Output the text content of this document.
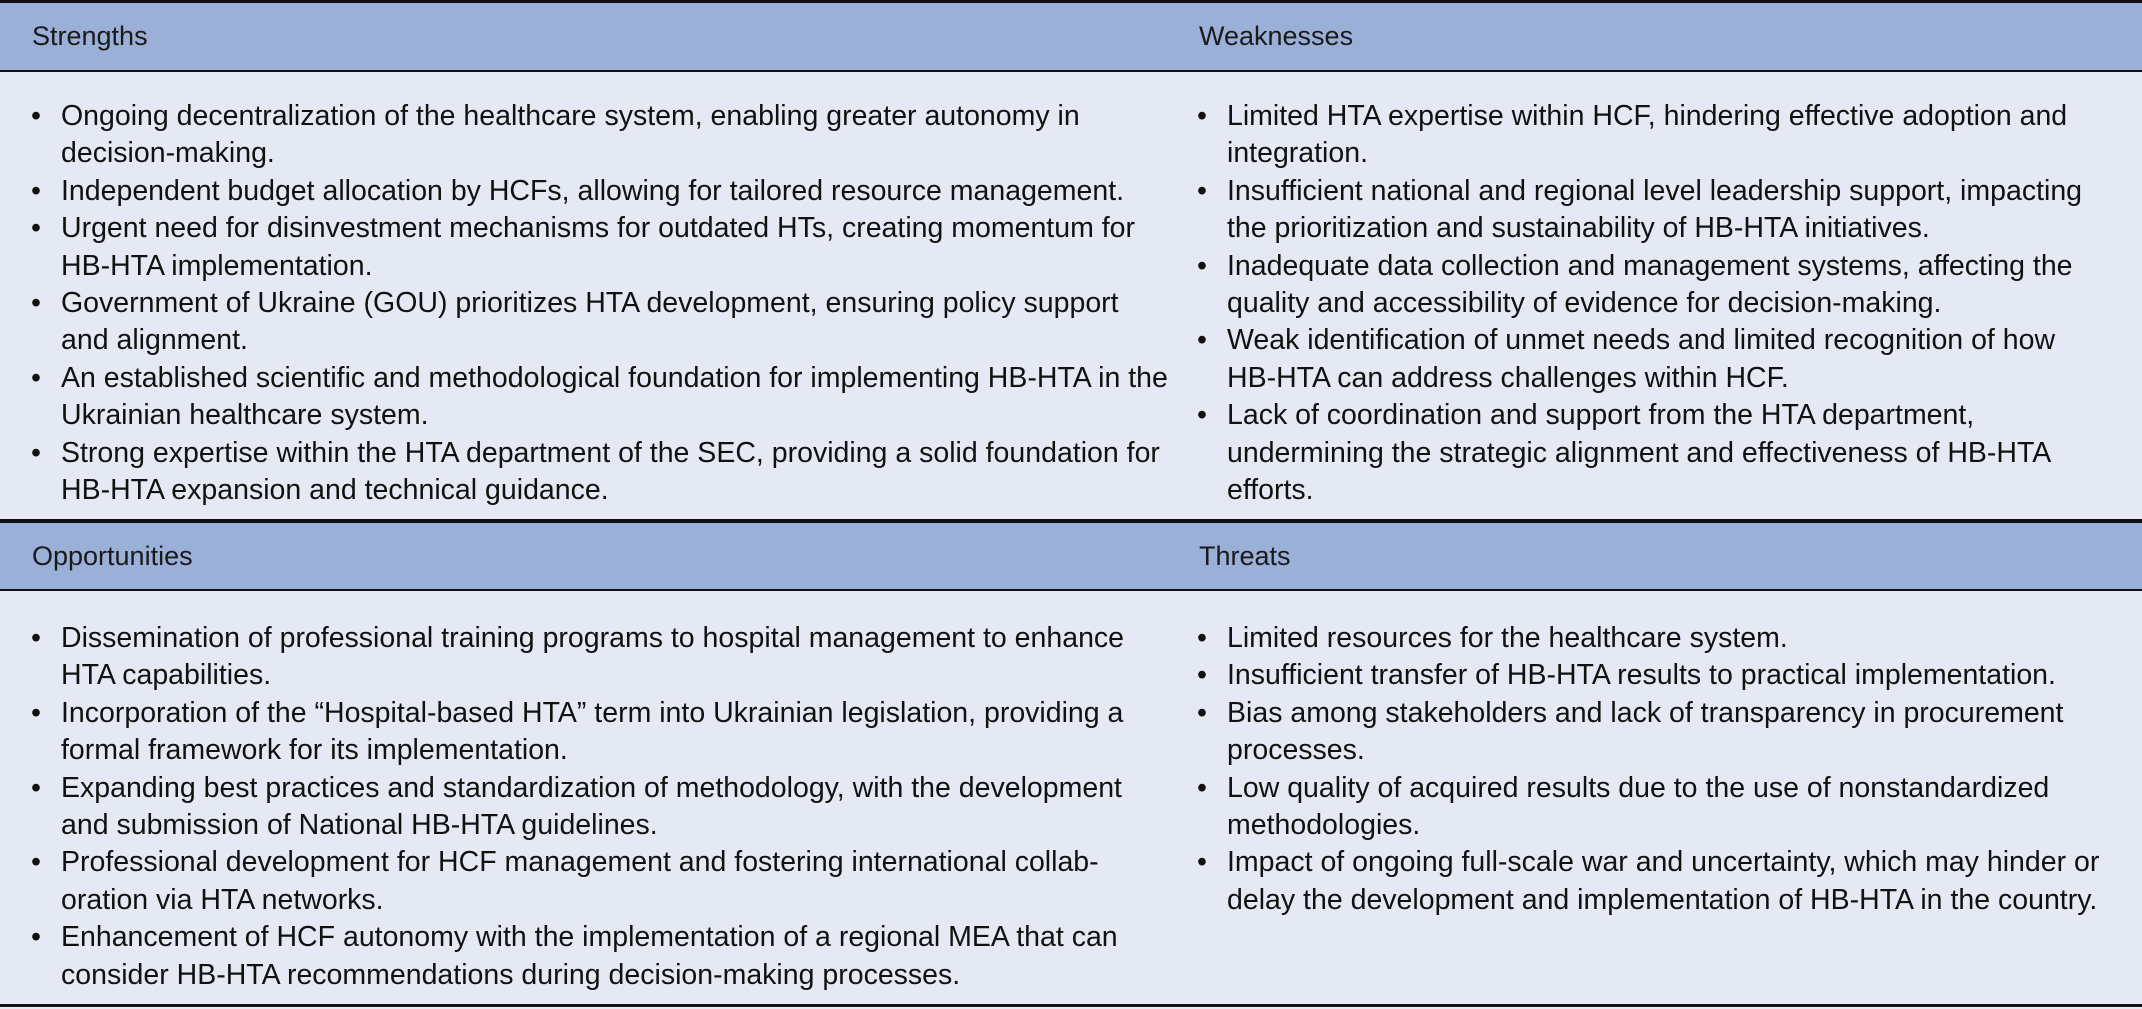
Strengths	Weaknesses
• Ongoing decentralization of the healthcare system, enabling greater autonomy in decision-making.
• Independent budget allocation by HCFs, allowing for tailored resource management.
• Urgent need for disinvestment mechanisms for outdated HTs, creating momentum for HB-HTA implementation.
• Government of Ukraine (GOU) prioritizes HTA development, ensuring policy support and alignment.
• An established scientific and methodological foundation for implementing HB-HTA in the Ukrainian healthcare system.
• Strong expertise within the HTA department of the SEC, providing a solid foundation for HB-HTA expansion and technical guidance.
• Limited HTA expertise within HCF, hindering effective adoption and integration.
• Insufficient national and regional level leadership support, impacting the prioritization and sustainability of HB-HTA initiatives.
• Inadequate data collection and management systems, affecting the quality and accessibility of evidence for decision-making.
• Weak identification of unmet needs and limited recognition of how HB-HTA can address challenges within HCF.
• Lack of coordination and support from the HTA department, undermining the strategic alignment and effectiveness of HB-HTA efforts.
Opportunities	Threats
• Dissemination of professional training programs to hospital management to enhance HTA capabilities.
• Incorporation of the “Hospital-based HTA” term into Ukrainian legislation, providing a formal framework for its implementation.
• Expanding best practices and standardization of methodology, with the development and submission of National HB-HTA guidelines.
• Professional development for HCF management and fostering international collab- oration via HTA networks.
• Enhancement of HCF autonomy with the implementation of a regional MEA that can consider HB-HTA recommendations during decision-making processes.
• Limited resources for the healthcare system.
• Insufficient transfer of HB-HTA results to practical implementation.
• Bias among stakeholders and lack of transparency in procurement processes.
• Low quality of acquired results due to the use of nonstandardized methodologies.
• Impact of ongoing full-scale war and uncertainty, which may hinder or delay the development and implementation of HB-HTA in the country.
